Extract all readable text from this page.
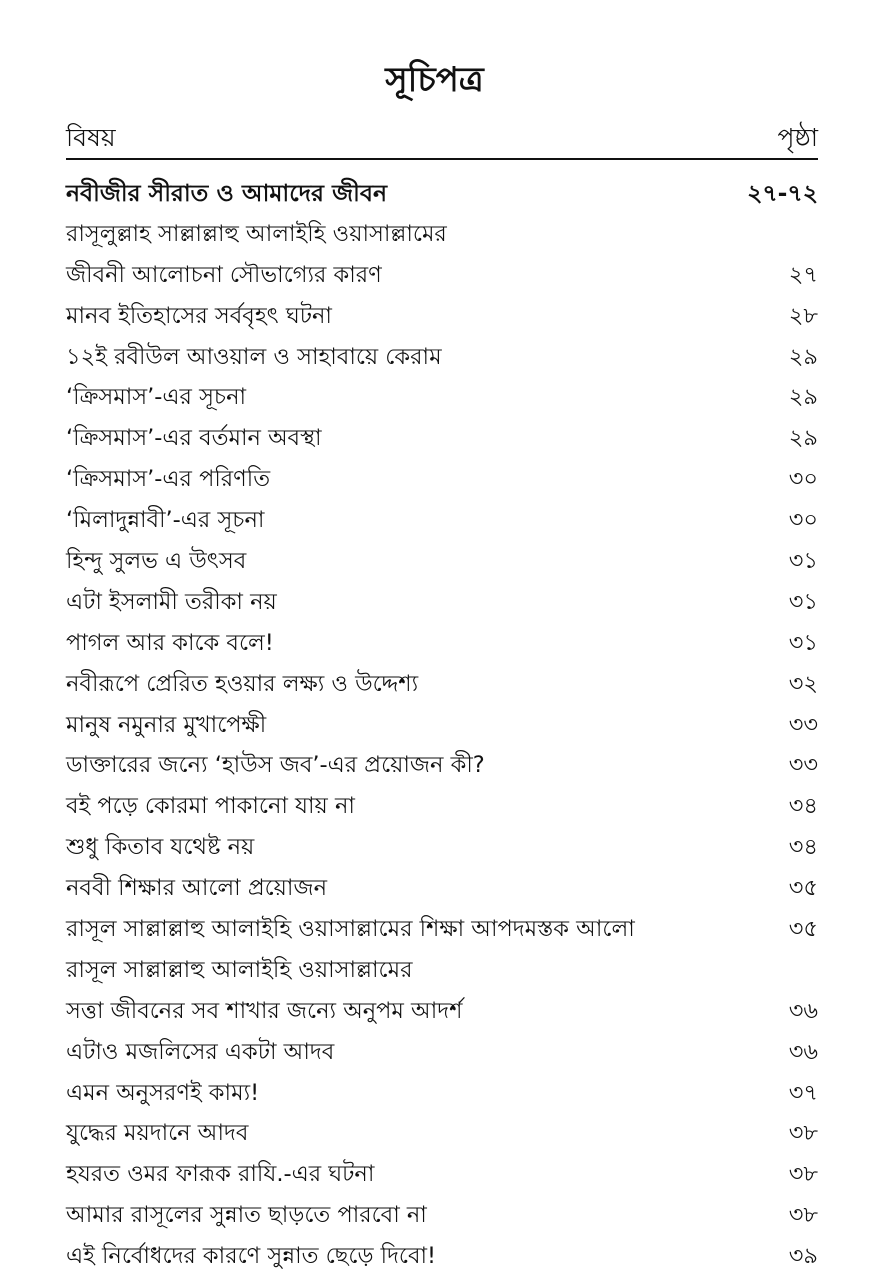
সূচিপত্র
বিষয়	পৃষ্ঠা
নবীজীর সীরাত ও আমাদের জীবন	২৭-৭২
রাসূলুল্লাহ সাল্লাল্লাহু আলাইহি ওয়াসাল্লামের
জীবনী আলোচনা সৌভাগ্যের কারণ	২৭
মানব ইতিহাসের সর্ববৃহৎ ঘটনা	২৮
১২ই রবীউল আওয়াল ও সাহাবায়ে কেরাম	২৯
‘ক্রিসমাস’-এর সূচনা	২৯
‘ক্রিসমাস’-এর বর্তমান অবস্থা	২৯
‘ক্রিসমাস’-এর পরিণতি	৩০
‘মিলাদুন্নাবী’-এর সূচনা	৩০
হিন্দু সুলভ এ উৎসব	৩১
এটা ইসলামী তরীকা নয়	৩১
পাগল আর কাকে বলে!	৩১
নবীরূপে প্রেরিত হওয়ার লক্ষ্য ও উদ্দেশ্য	৩২
মানুষ নমুনার মুখাপেক্ষী	৩৩
ডাক্তারের জন্যে ‘হাউস জব’-এর প্রয়োজন কী?	৩৩
বই পড়ে কোরমা পাকানো যায় না	৩৪
শুধু কিতাব যথেষ্ট নয়	৩৪
নববী শিক্ষার আলো প্রয়োজন	৩৫
রাসূল সাল্লাল্লাহু আলাইহি ওয়াসাল্লামের শিক্ষা আপদমস্তক আলো	৩৫
রাসূল সাল্লাল্লাহু আলাইহি ওয়াসাল্লামের
সত্তা জীবনের সব শাখার জন্যে অনুপম আদর্শ	৩৬
এটাও মজলিসের একটা আদব	৩৬
এমন অনুসরণই কাম্য!	৩৭
যুদ্ধের ময়দানে আদব	৩৮
হযরত ওমর ফারূক রাযি.-এর ঘটনা	৩৮
আমার রাসূলের সুন্নাত ছাড়তে পারবো না	৩৮
এই নির্বোধদের কারণে সুন্নাত ছেড়ে দিবো!	৩৯
